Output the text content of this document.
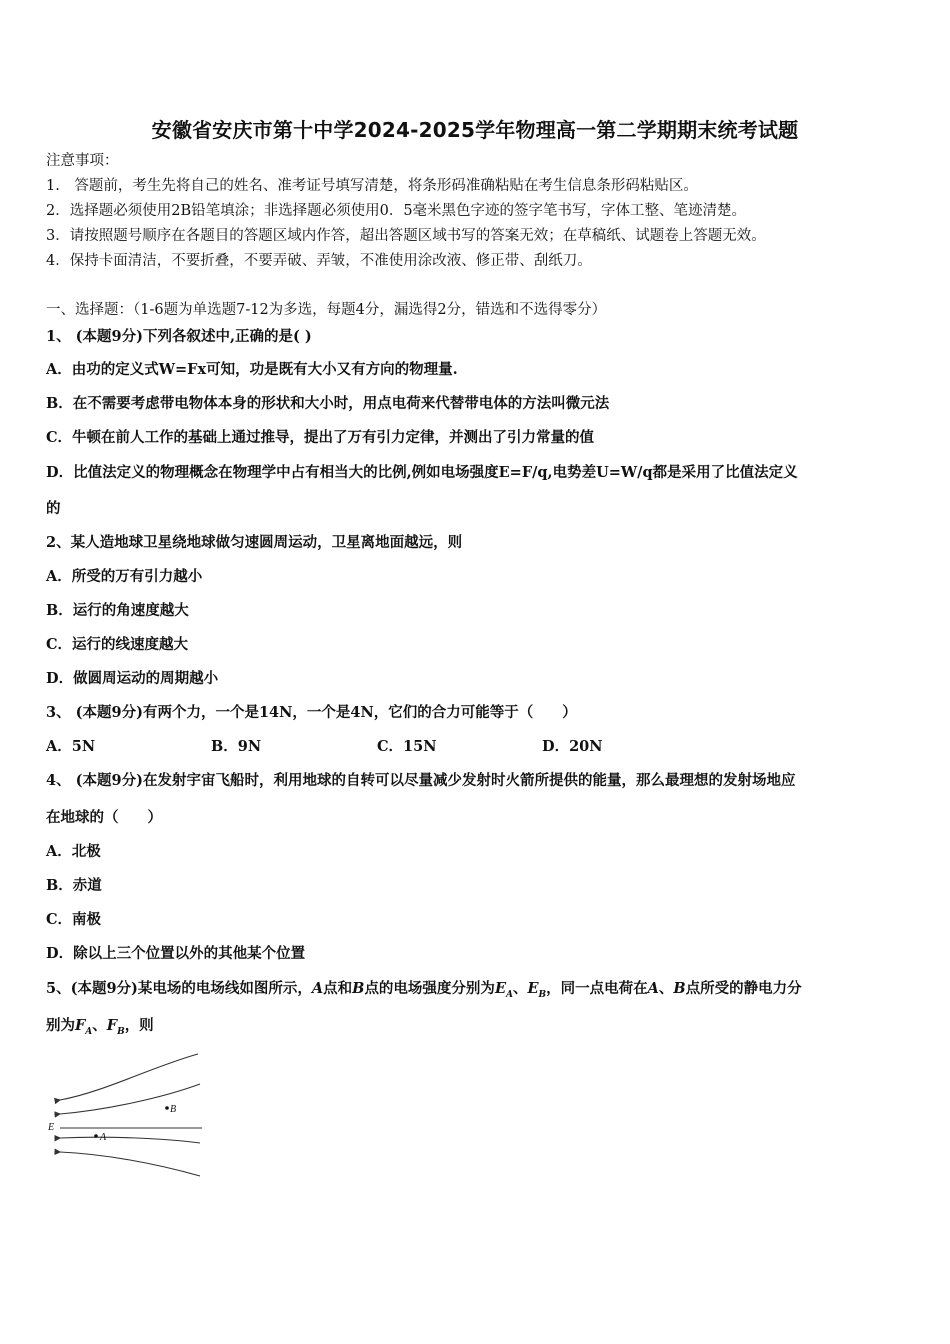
安徽省安庆市第十中学2024-2025学年物理高一第二学期期末统考试题
注意事项：
1.　答题前，考生先将自己的姓名、准考证号填写清楚，将条形码准确粘贴在考生信息条形码粘贴区。
2．选择题必须使用2B铅笔填涂；非选择题必须使用0．5毫米黑色字迹的签字笔书写，字体工整、笔迹清楚。
3．请按照题号顺序在各题目的答题区域内作答，超出答题区域书写的答案无效；在草稿纸、试题卷上答题无效。
4．保持卡面清洁，不要折叠，不要弄破、弄皱，不准使用涂改液、修正带、刮纸刀。
一、选择题：（1-6题为单选题7-12为多选，每题4分，漏选得2分，错选和不选得零分）
1、 (本题9分)下列各叙述中,正确的是( )
A．由功的定义式W=Fx可知，功是既有大小又有方向的物理量.
B．在不需要考虑带电物体本身的形状和大小时，用点电荷来代替带电体的方法叫微元法
C．牛顿在前人工作的基础上通过推导，提出了万有引力定律，并测出了引力常量的值
D．比值法定义的物理概念在物理学中占有相当大的比例,例如电场强度E=F/q,电势差U=W/q都是采用了比值法定义
的
2、某人造地球卫星绕地球做匀速圆周运动，卫星离地面越远，则
A．所受的万有引力越小
B．运行的角速度越大
C．运行的线速度越大
D．做圆周运动的周期越小
3、 (本题9分)有两个力，一个是14N，一个是4N，它们的合力可能等于（　　）
A．5N	B．9N	C．15N	D．20N
4、 (本题9分)在发射宇宙飞船时，利用地球的自转可以尽量减少发射时火箭所提供的能量，那么最理想的发射场地应
在地球的（　　）
A．北极
B．赤道
C．南极
D．除以上三个位置以外的其他某个位置
5、(本题9分)某电场的电场线如图所示，A点和B点的电场强度分别为$E_A$、$E_B$，同一点电荷在A、B点所受的静电力分
别为$F_A$、$F_B$，则
B
A
E
